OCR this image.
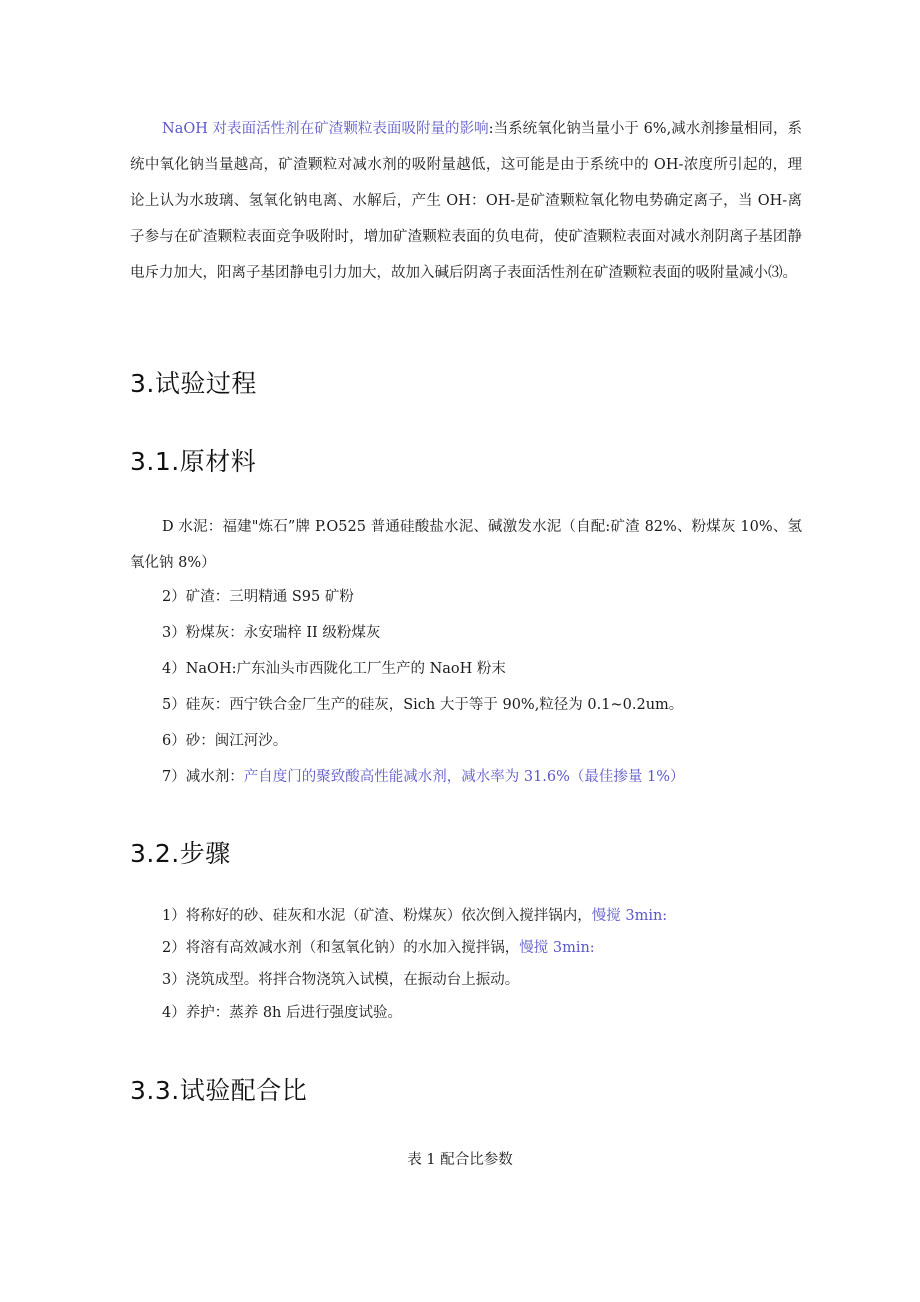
NaOH 对表面活性剂在矿渣颗粒表面吸附量的影响:当系统氧化钠当量小于 6%,减水剂掺量相同，系统中氧化钠当量越高，矿渣颗粒对减水剂的吸附量越低，这可能是由于系统中的 OH-浓度所引起的，理论上认为水玻璃、氢氧化钠电离、水解后，产生 OH：OH-是矿渣颗粒氧化物电势确定离子，当 OH-离子参与在矿渣颗粒表面竞争吸附时，增加矿渣颗粒表面的负电荷，使矿渣颗粒表面对减水剂阴离子基团静电斥力加大，阳离子基团静电引力加大，故加入碱后阴离子表面活性剂在矿渣颗粒表面的吸附量减小⑶。

3.试验过程
3.1.原材料

D 水泥：福建"炼石”牌 P.O525 普通硅酸盐水泥、碱激发水泥（自配:矿渣 82%、粉煤灰 10%、氢氧化钠 8%）

2）矿渣：三明精通 S95 矿粉

3）粉煤灰：永安瑞梓 II 级粉煤灰

4）NaOH:广东汕头市西陇化工厂生产的 NaoH 粉末

5）硅灰：西宁铁合金厂生产的硅灰，Sich 大于等于 90%,粒径为 0.1~0.2um。

6）砂：闽江河沙。

7）减水剂：产自度门的聚致酸高性能减水剂，减水率为 31.6%（最佳掺量 1%）

3.2.步骤

1）将称好的砂、硅灰和水泥（矿渣、粉煤灰）依次倒入搅拌锅内，慢搅 3min:

2）将溶有高效减水剂（和氢氧化钠）的水加入搅拌锅，慢搅 3min:

3）浇筑成型。将拌合物浇筑入试模，在振动台上振动。

4）养护：蒸养 8h 后进行强度试验。

3.3.试验配合比

表 1 配合比参数
